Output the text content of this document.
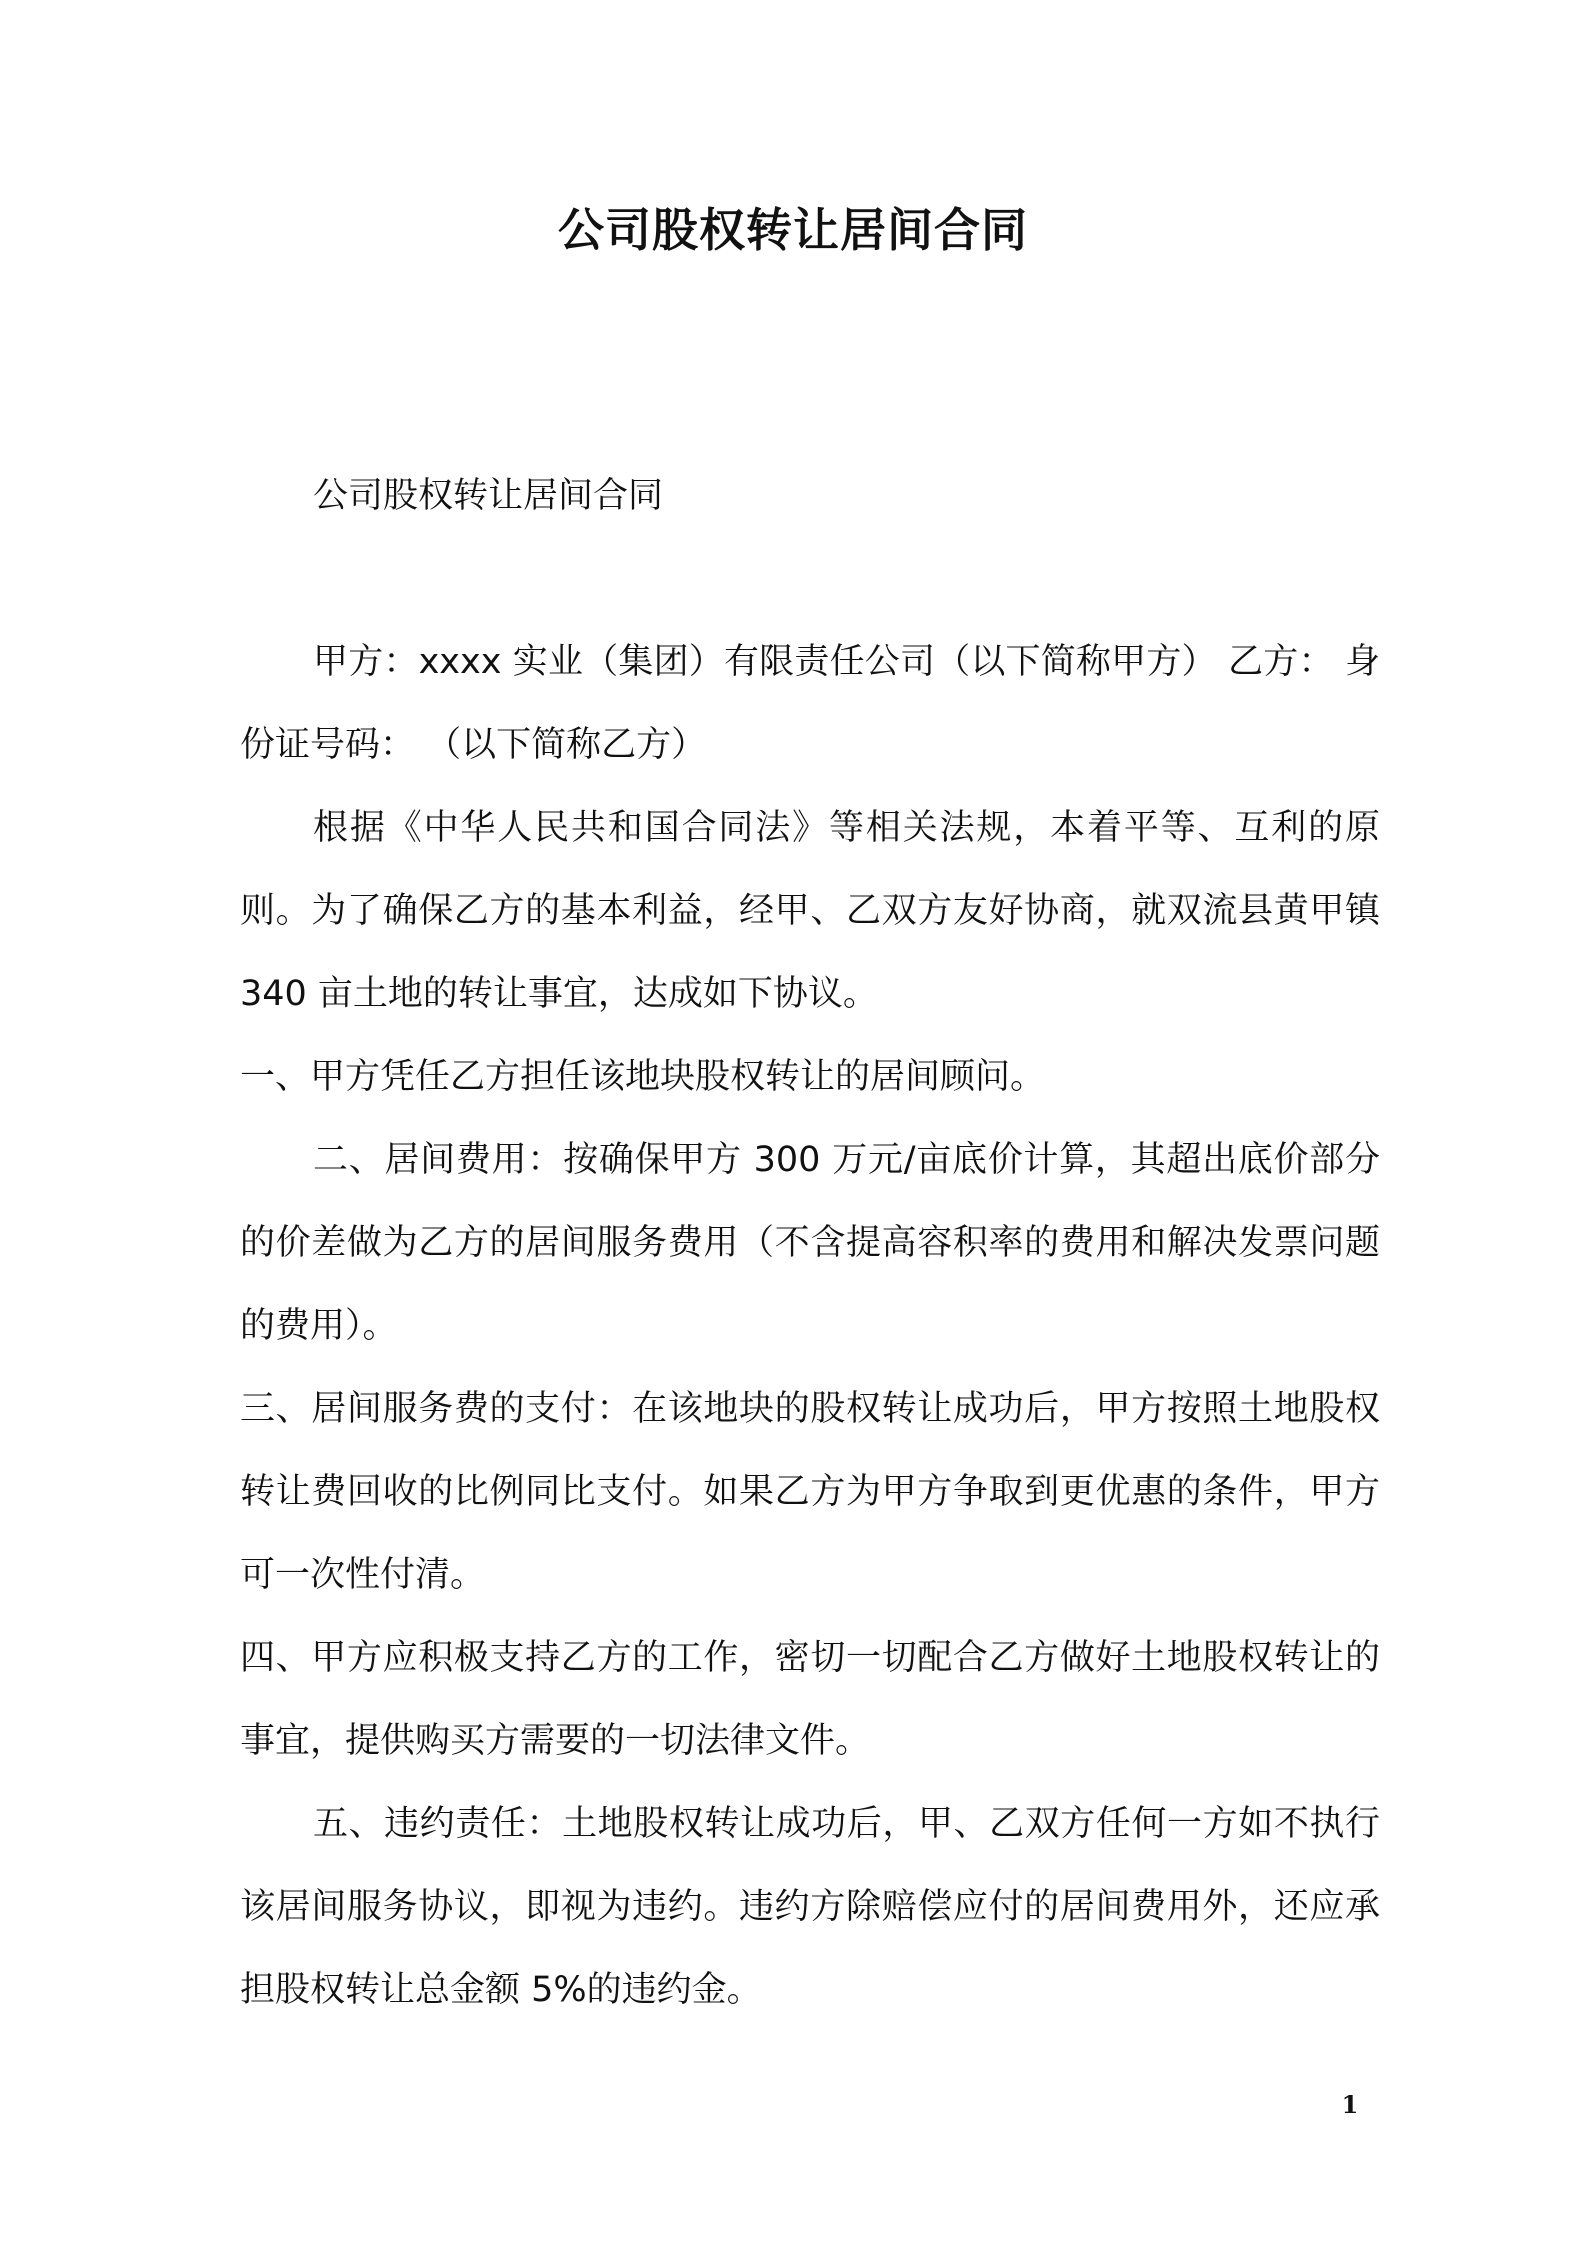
公司股权转让居间合同

公司股权转让居间合同

甲方：xxxx 实业（集团）有限责任公司（以下简称甲方） 乙方： 身份证号码： （以下简称乙方）

根据《中华人民共和国合同法》等相关法规，本着平等、互利的原则。为了确保乙方的基本利益，经甲、乙双方友好协商，就双流县黄甲镇 340 亩土地的转让事宜，达成如下协议。

一、甲方凭任乙方担任该地块股权转让的居间顾问。

二、居间费用：按确保甲方 300 万元/亩底价计算，其超出底价部分的价差做为乙方的居间服务费用（不含提高容积率的费用和解决发票问题的费用）。

三、居间服务费的支付：在该地块的股权转让成功后，甲方按照土地股权转让费回收的比例同比支付。如果乙方为甲方争取到更优惠的条件，甲方可一次性付清。

四、甲方应积极支持乙方的工作，密切一切配合乙方做好土地股权转让的事宜，提供购买方需要的一切法律文件。

五、违约责任：土地股权转让成功后，甲、乙双方任何一方如不执行该居间服务协议，即视为违约。违约方除赔偿应付的居间费用外，还应承担股权转让总金额 5%的违约金。

1
